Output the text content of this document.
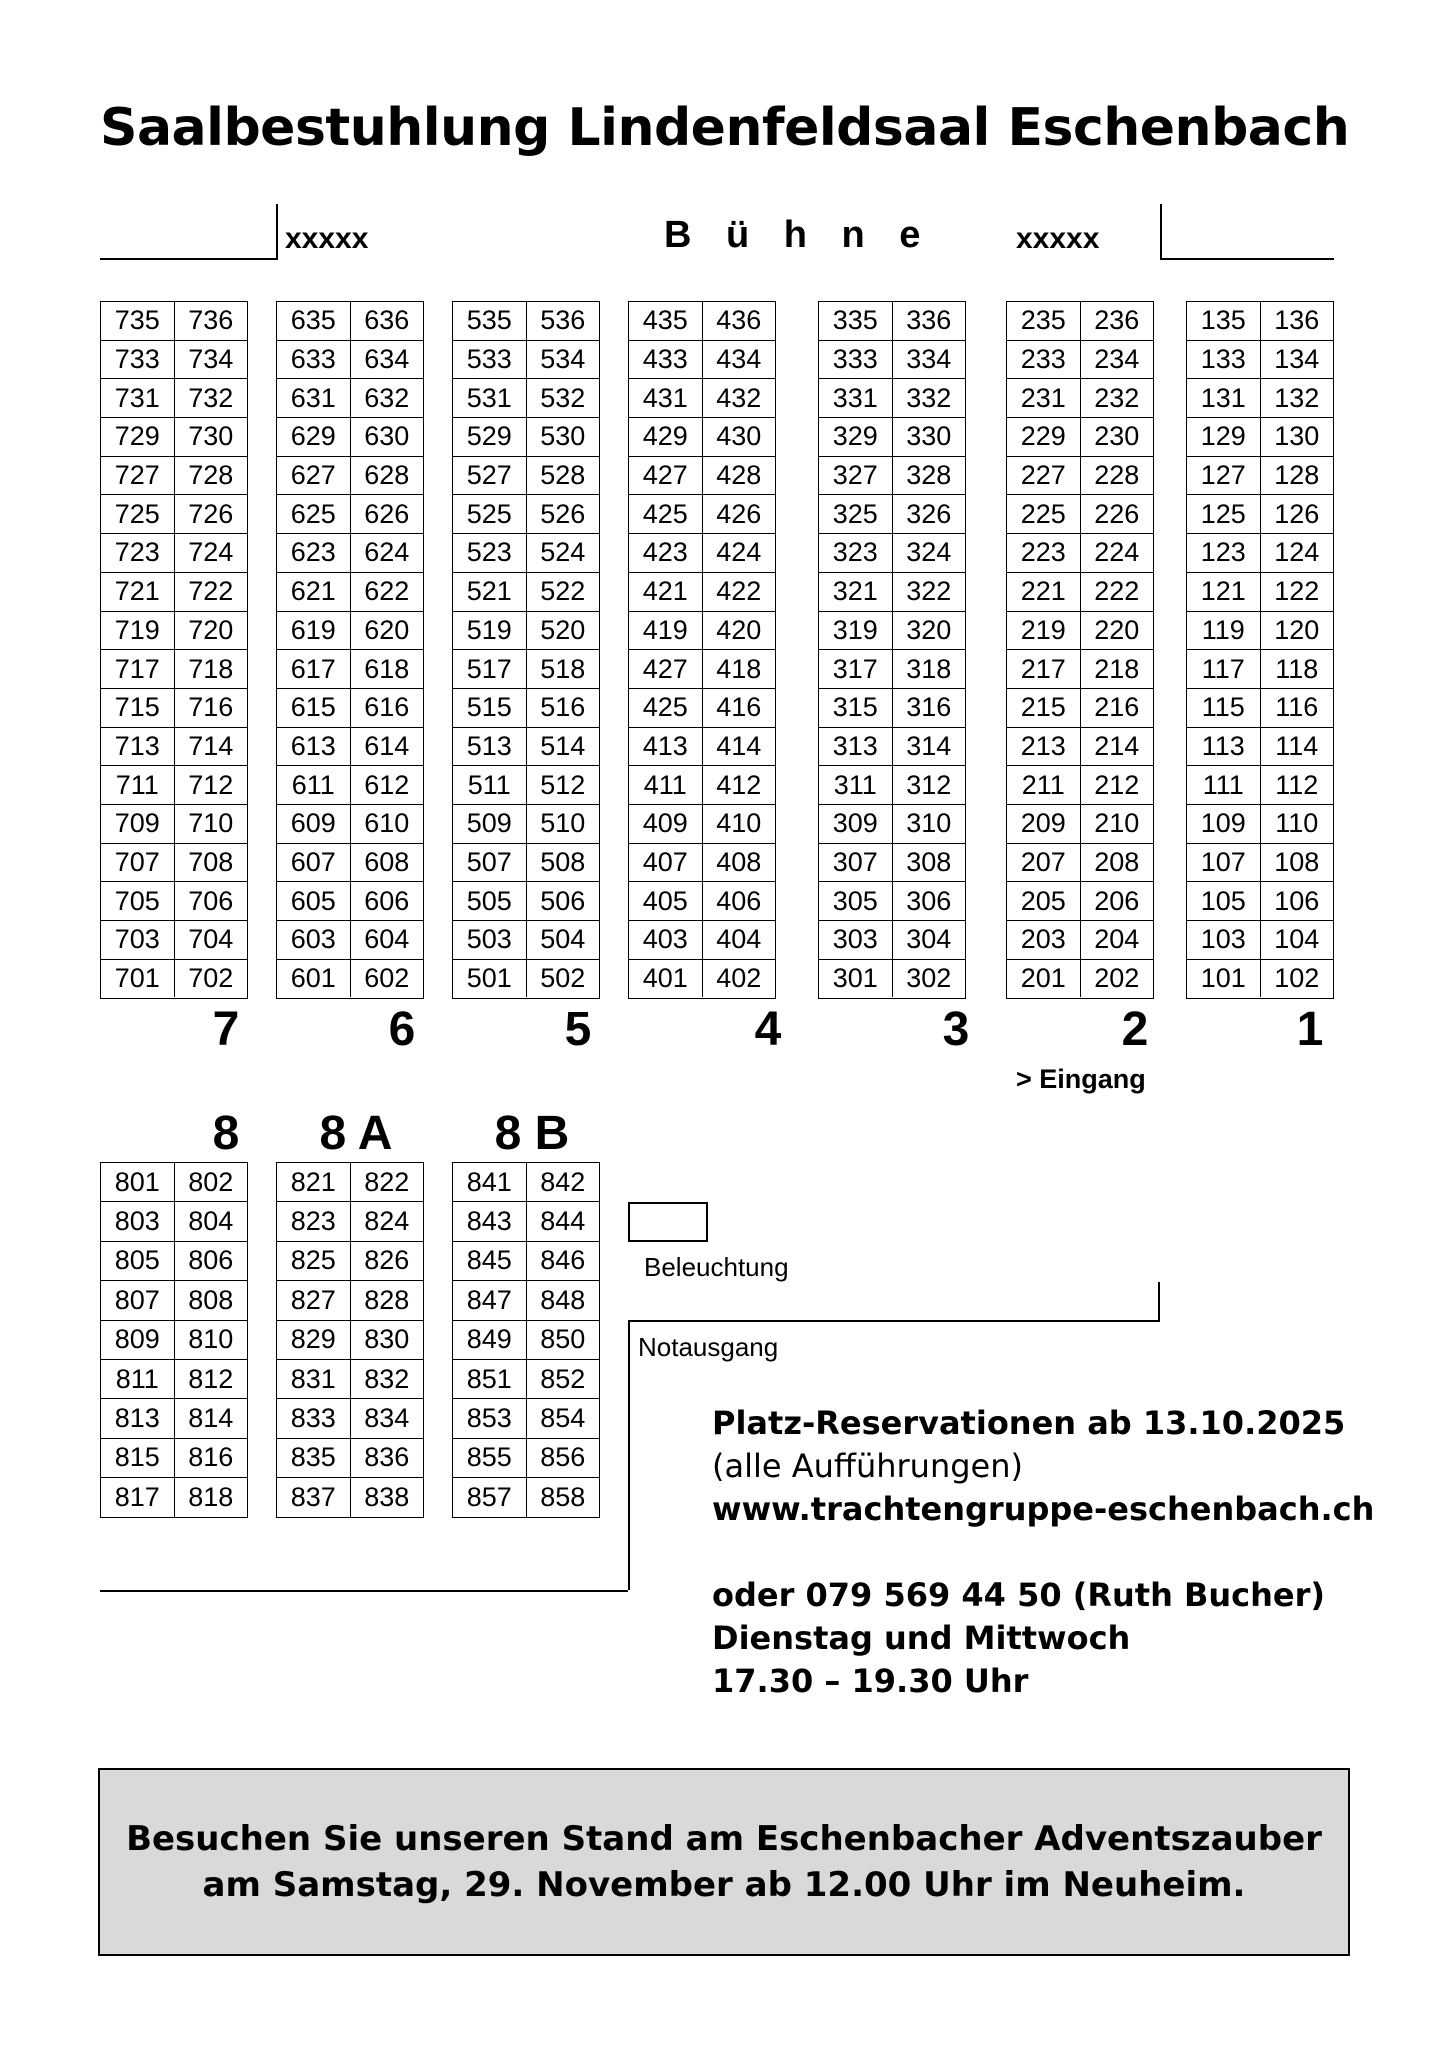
Saalbestuhlung Lindenfeldsaal Eschenbach
xxxxx	B ü h n e	xxxxx
735	736
733	734
731	732
729	730
727	728
725	726
723	724
721	722
719	720
717	718
715	716
713	714
711	712
709	710
707	708
705	706
703	704
701	702
635	636
633	634
631	632
629	630
627	628
625	626
623	624
621	622
619	620
617	618
615	616
613	614
611	612
609	610
607	608
605	606
603	604
601	602
535	536
533	534
531	532
529	530
527	528
525	526
523	524
521	522
519	520
517	518
515	516
513	514
511	512
509	510
507	508
505	506
503	504
501	502
435	436
433	434
431	432
429	430
427	428
425	426
423	424
421	422
419	420
427	418
425	416
413	414
411	412
409	410
407	408
405	406
403	404
401	402
335	336
333	334
331	332
329	330
327	328
325	326
323	324
321	322
319	320
317	318
315	316
313	314
311	312
309	310
307	308
305	306
303	304
301	302
235	236
233	234
231	232
229	230
227	228
225	226
223	224
221	222
219	220
217	218
215	216
213	214
211	212
209	210
207	208
205	206
203	204
201	202
135	136
133	134
131	132
129	130
127	128
125	126
123	124
121	122
119	120
117	118
115	116
113	114
111	112
109	110
107	108
105	106
103	104
101	102
7	6	5	4	3	2	1
> Eingang
8 8 A 8 B
801	802
803	804
805	806
807	808
809	810
811	812
813	814
815	816
817	818
821	822
823	824
825	826
827	828
829	830
831	832
833	834
835	836
837	838
841	842
843	844
845	846
847	848
849	850
851	852
853	854
855	856
857	858
Beleuchtung
Notausgang
Platz-Reservationen ab 13.10.2025
(alle Aufführungen)
www.trachtengruppe-eschenbach.ch
oder 079 569 44 50 (Ruth Bucher)
Dienstag und Mittwoch
17.30 – 19.30 Uhr
Besuchen Sie unseren Stand am Eschenbacher Adventszauber
am Samstag, 29. November ab 12.00 Uhr im Neuheim.
